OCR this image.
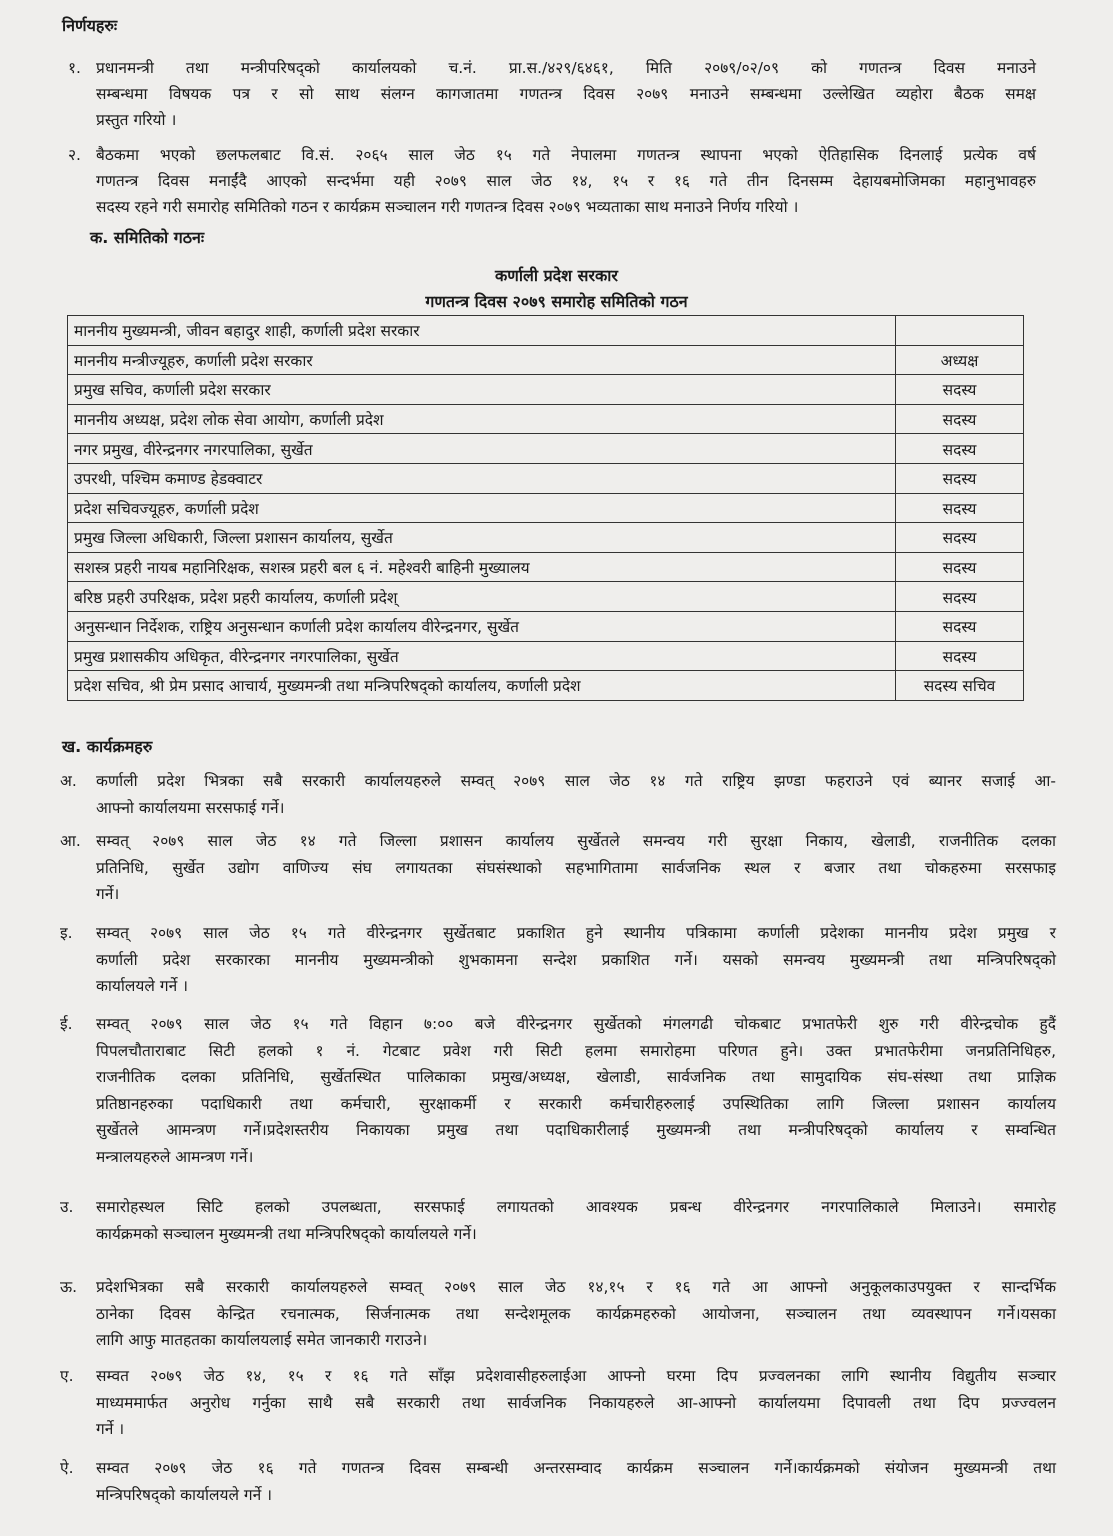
निर्णयहरुः
१. प्रधानमन्त्री तथा मन्त्रीपरिषद्को कार्यालयको च.नं. प्रा.स./४२९/६४६१, मिति २०७९/०२/०९ को गणतन्त्र दिवस मनाउने
सम्बन्धमा विषयक पत्र र सो साथ संलग्न कागजातमा गणतन्त्र दिवस २०७९ मनाउने सम्बन्धमा उल्लेखित व्यहोरा बैठक समक्ष
प्रस्तुत गरियो ।
२. बैठकमा भएको छलफलबाट वि.सं. २०६५ साल जेठ १५ गते नेपालमा गणतन्त्र स्थापना भएको ऐतिहासिक दिनलाई प्रत्येक वर्ष
गणतन्त्र दिवस मनाईंदै आएको सन्दर्भमा यही २०७९ साल जेठ १४, १५ र १६ गते तीन दिनसम्म देहायबमोजिमका महानुभावहरु
सदस्य रहने गरी समारोह समितिको गठन र कार्यक्रम सञ्चालन गरी गणतन्त्र दिवस २०७९ भव्यताका साथ मनाउने निर्णय गरियो ।
क. समितिको गठनः
कर्णाली प्रदेश सरकार
गणतन्त्र दिवस २०७९ समारोह समितिको गठन
माननीय मुख्यमन्त्री, जीवन बहादुर शाही, कर्णाली प्रदेश सरकार	
माननीय मन्त्रीज्यूहरु, कर्णाली प्रदेश सरकार	अध्यक्ष
प्रमुख सचिव, कर्णाली प्रदेश सरकार	सदस्य
माननीय अध्यक्ष, प्रदेश लोक सेवा आयोग, कर्णाली प्रदेश	सदस्य
नगर प्रमुख, वीरेन्द्रनगर नगरपालिका, सुर्खेत	सदस्य
उपरथी, पश्चिम कमाण्ड हेडक्वाटर	सदस्य
प्रदेश सचिवज्यूहरु, कर्णाली प्रदेश	सदस्य
प्रमुख जिल्ला अधिकारी, जिल्ला प्रशासन कार्यालय, सुर्खेत	सदस्य
सशस्त्र प्रहरी नायब महानिरिक्षक, सशस्त्र प्रहरी बल ६ नं. महेश्वरी बाहिनी मुख्यालय	सदस्य
बरिष्ठ प्रहरी उपरिक्षक, प्रदेश प्रहरी कार्यालय, कर्णाली प्रदेश्	सदस्य
अनुसन्धान निर्देशक, राष्ट्रिय अनुसन्धान कर्णाली प्रदेश कार्यालय वीरेन्द्रनगर, सुर्खेत	सदस्य
प्रमुख प्रशासकीय अधिकृत, वीरेन्द्रनगर नगरपालिका, सुर्खेत	सदस्य
प्रदेश सचिव, श्री प्रेम प्रसाद आचार्य, मुख्यमन्त्री तथा मन्त्रिपरिषद्को कार्यालय, कर्णाली प्रदेश	सदस्य सचिव
ख. कार्यक्रमहरु
अ. कर्णाली प्रदेश भित्रका सबै सरकारी कार्यालयहरुले सम्वत् २०७९ साल जेठ १४ गते राष्ट्रिय झण्डा फहराउने एवं ब्यानर सजाई आ-
आफ्नो कार्यालयमा सरसफाई गर्ने।
आ. सम्वत् २०७९ साल जेठ १४ गते जिल्ला प्रशासन कार्यालय सुर्खेतले समन्वय गरी सुरक्षा निकाय, खेलाडी, राजनीतिक दलका
प्रतिनिधि, सुर्खेत उद्योग वाणिज्य संघ लगायतका संघसंस्थाको सहभागितामा सार्वजनिक स्थल र बजार तथा चोकहरुमा सरसफाइ
गर्ने।
इ. सम्वत् २०७९ साल जेठ १५ गते वीरेन्द्रनगर सुर्खेतबाट प्रकाशित हुने स्थानीय पत्रिकामा कर्णाली प्रदेशका माननीय प्रदेश प्रमुख र
कर्णाली प्रदेश सरकारका माननीय मुख्यमन्त्रीको शुभकामना सन्देश प्रकाशित गर्ने। यसको समन्वय मुख्यमन्त्री तथा मन्त्रिपरिषद्को
कार्यालयले गर्ने ।
ई. सम्वत् २०७९ साल जेठ १५ गते विहान ७:०० बजे वीरेन्द्रनगर सुर्खेतको मंगलगढी चोकबाट प्रभातफेरी शुरु गरी वीरेन्द्रचोक हुदैं
पिपलचौताराबाट सिटी हलको १ नं. गेटबाट प्रवेश गरी सिटी हलमा समारोहमा परिणत हुने। उक्त प्रभातफेरीमा जनप्रतिनिधिहरु,
राजनीतिक दलका प्रतिनिधि, सुर्खेतस्थित पालिकाका प्रमुख/अध्यक्ष, खेलाडी, सार्वजनिक तथा सामुदायिक संघ-संस्था तथा प्राज्ञिक
प्रतिष्ठानहरुका पदाधिकारी तथा कर्मचारी, सुरक्षाकर्मी र सरकारी कर्मचारीहरुलाई उपस्थितिका लागि जिल्ला प्रशासन कार्यालय
सुर्खेतले आमन्त्रण गर्ने।प्रदेशस्तरीय निकायका प्रमुख तथा पदाधिकारीलाई मुख्यमन्त्री तथा मन्त्रीपरिषद्को कार्यालय र सम्वन्धित
मन्त्रालयहरुले आमन्त्रण गर्ने।
उ. समारोहस्थल सिटि हलको उपलब्धता, सरसफाई लगायतको आवश्यक प्रबन्ध वीरेन्द्रनगर नगरपालिकाले मिलाउने। समारोह
कार्यक्रमको सञ्चालन मुख्यमन्त्री तथा मन्त्रिपरिषद्को कार्यालयले गर्ने।
ऊ. प्रदेशभित्रका सबै सरकारी कार्यालयहरुले सम्वत् २०७९ साल जेठ १४,१५ र १६ गते आ आफ्नो अनुकूलकाउपयुक्त र सान्दर्भिक
ठानेका दिवस केन्द्रित रचनात्मक, सिर्जनात्मक तथा सन्देशमूलक कार्यक्रमहरुको आयोजना, सञ्चालन तथा व्यवस्थापन गर्ने।यसका
लागि आफु मातहतका कार्यालयलाई समेत जानकारी गराउने।
ए. सम्वत २०७९ जेठ १४, १५ र १६ गते साँझ प्रदेशवासीहरुलाईआ आफ्नो घरमा दिप प्रज्वलनका लागि स्थानीय विद्युतीय सञ्चार
माध्यममार्फत अनुरोध गर्नुका साथै सबै सरकारी तथा सार्वजनिक निकायहरुले आ-आफ्नो कार्यालयमा दिपावली तथा दिप प्रज्ज्वलन
गर्ने ।
ऐ. सम्वत २०७९ जेठ १६ गते गणतन्त्र दिवस सम्बन्धी अन्तरसम्वाद कार्यक्रम सञ्चालन गर्ने।कार्यक्रमको संयोजन मुख्यमन्त्री तथा
मन्त्रिपरिषद्को कार्यालयले गर्ने ।
